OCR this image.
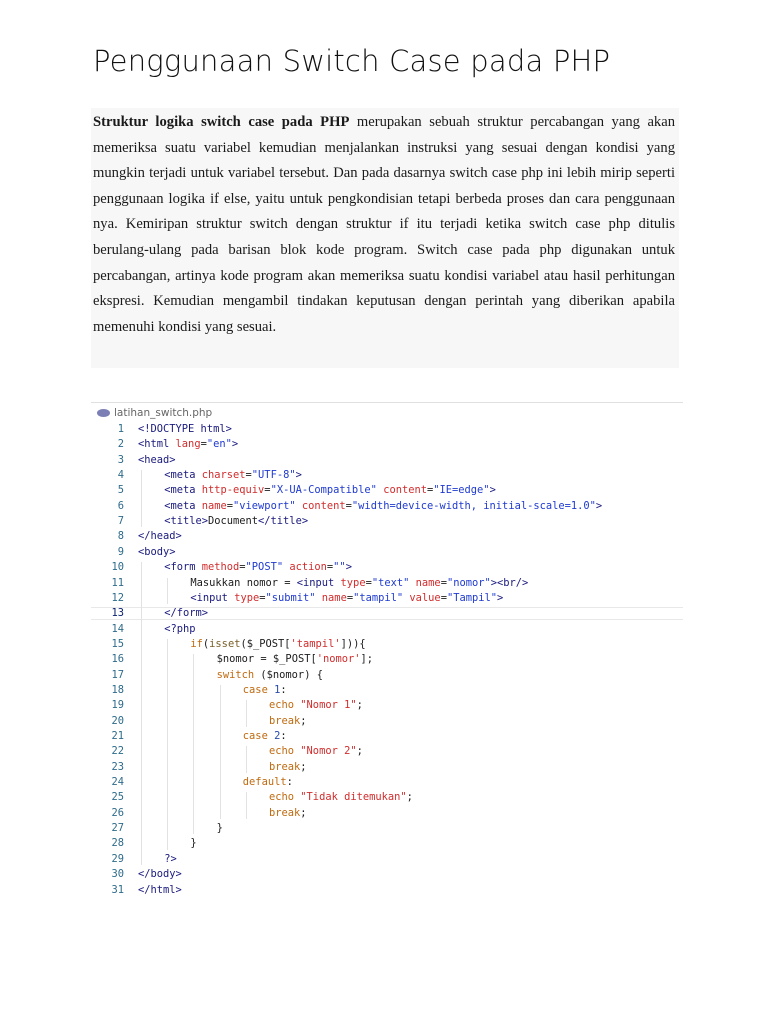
Penggunaan Switch Case pada PHP

Struktur logika switch case pada PHP merupakan sebuah struktur percabangan yang akan memeriksa suatu variabel kemudian menjalankan instruksi yang sesuai dengan kondisi yang mungkin terjadi untuk variabel tersebut. Dan pada dasarnya switch case php ini lebih mirip seperti penggunaan logika if else, yaitu untuk pengkondisian tetapi berbeda proses dan cara penggunaan nya. Kemiripan struktur switch dengan struktur if itu terjadi ketika switch case php ditulis berulang-ulang pada barisan blok kode program. Switch case pada php digunakan untuk percabangan, artinya kode program akan memeriksa suatu kondisi variabel atau hasil perhitungan ekspresi. Kemudian mengambil tindakan keputusan dengan perintah yang diberikan apabila memenuhi kondisi yang sesuai.

latihan_switch.php
1 <!DOCTYPE html>
2 <html lang="en">
3 <head>
4	<meta charset="UTF-8">
5	<meta http-equiv="X-UA-Compatible" content="IE=edge">
6	<meta name="viewport" content="width=device-width, initial-scale=1.0">
7	<title>Document</title>
8 </head>
9 <body>
10	<form method="POST" action="">
11	Masukkan nomor = <input type="text" name="nomor"><br/>
12	<input type="submit" name="tampil" value="Tampil">
13	</form>
14	<?php
15	if(isset($_POST['tampil'])){
16	$nomor = $_POST['nomor'];
17	switch ($nomor) {
18	case 1:
19	echo "Nomor 1";
20	break;
21	case 2:
22	echo "Nomor 2";
23	break;
24	default:
25	echo "Tidak ditemukan";
26	break;
27	}
28	}
29	?>
30 </body>
31 </html>
